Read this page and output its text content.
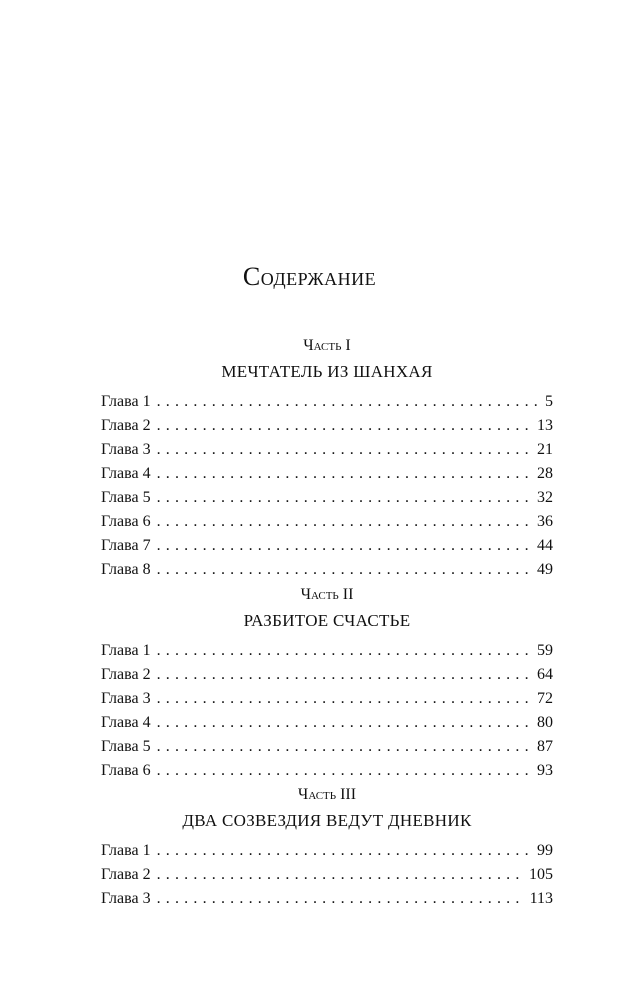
Содержание
Часть I
МЕЧТАТЕЛЬ ИЗ ШАНХАЯ
Глава 1 . . .	5
Глава 2 . . .	13
Глава 3 . . .	21
Глава 4 . . .	28
Глава 5 . . .	32
Глава 6 . . .	36
Глава 7 . . .	44
Глава 8 . . .	49
Часть II
РАЗБИТОЕ СЧАСТЬЕ
Глава 1 . . .	59
Глава 2 . . .	64
Глава 3 . . .	72
Глава 4 . . .	80
Глава 5 . . .	87
Глава 6 . . .	93
Часть III
ДВА СОЗВЕЗДИЯ ВЕДУТ ДНЕВНИК
Глава 1 . . .	99
Глава 2 . . .	105
Глава 3 . . .	113
